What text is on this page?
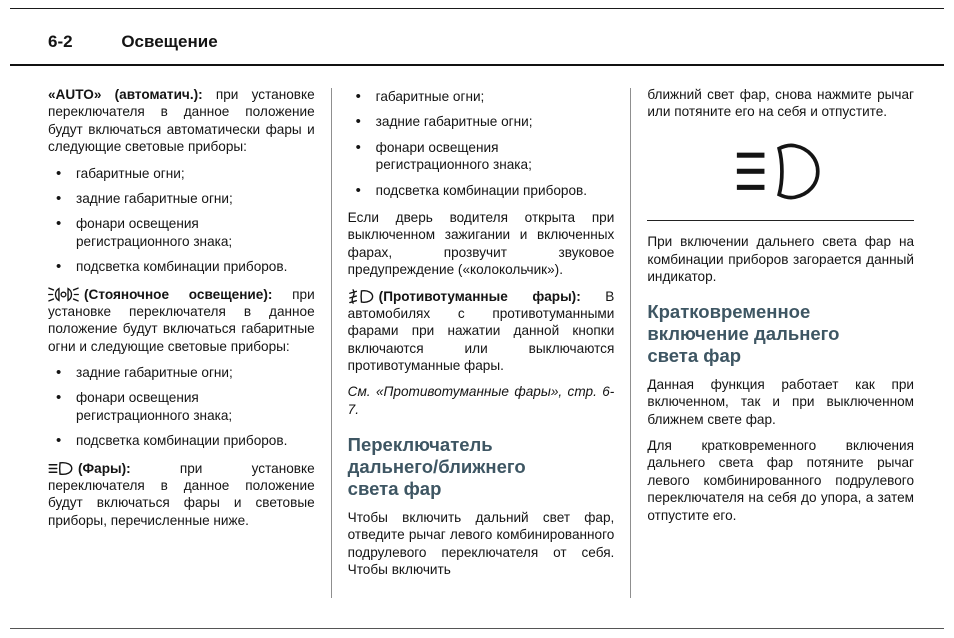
6-2	Освещение

«AUTO» (автоматич.): при установке переключателя в данное положение будут включаться автоматически фары и следующие световые приборы:

• габаритные огни;
• задние габаритные огни;
• фонари освещения регистрационного знака;
• подсветка комбинации приборов.

(Стояночное освещение): при установке переключателя в данное положение будут включаться габаритные огни и следующие световые приборы:

• задние габаритные огни;
• фонари освещения регистрационного знака;
• подсветка комбинации приборов.

(Фары):	при установке переключателя в данное положение будут включаться фары и световые приборы, перечисленные ниже.

• габаритные огни;
• задние габаритные огни;
• фонари освещения регистрационного знака;
• подсветка комбинации приборов.

Если дверь водителя открыта при выключенном зажигании и включенных фарах, прозвучит звуковое предупреждение («колокольчик»).

(Противотуманные фары): В автомобилях с противотуманными фарами при нажатии данной кнопки включаются или выключаются противотуманные фары.

См. «Противотуманные фары», стр. 6-7.

Переключатель дальнего/ближнего света фар

Чтобы включить дальний свет фар, отведите рычаг левого комбинированного подрулевого переключателя от себя. Чтобы включить

ближний свет фар, снова нажмите рычаг или потяните его на себя и отпустите.

При включении дальнего света фар на комбинации приборов загорается данный индикатор.

Кратковременное включение дальнего света фар

Данная функция работает как при включенном, так и при выключенном ближнем свете фар.

Для кратковременного включения дальнего света фар потяните рычаг левого комбинированного подрулевого переключателя на себя до упора, а затем отпустите его.
